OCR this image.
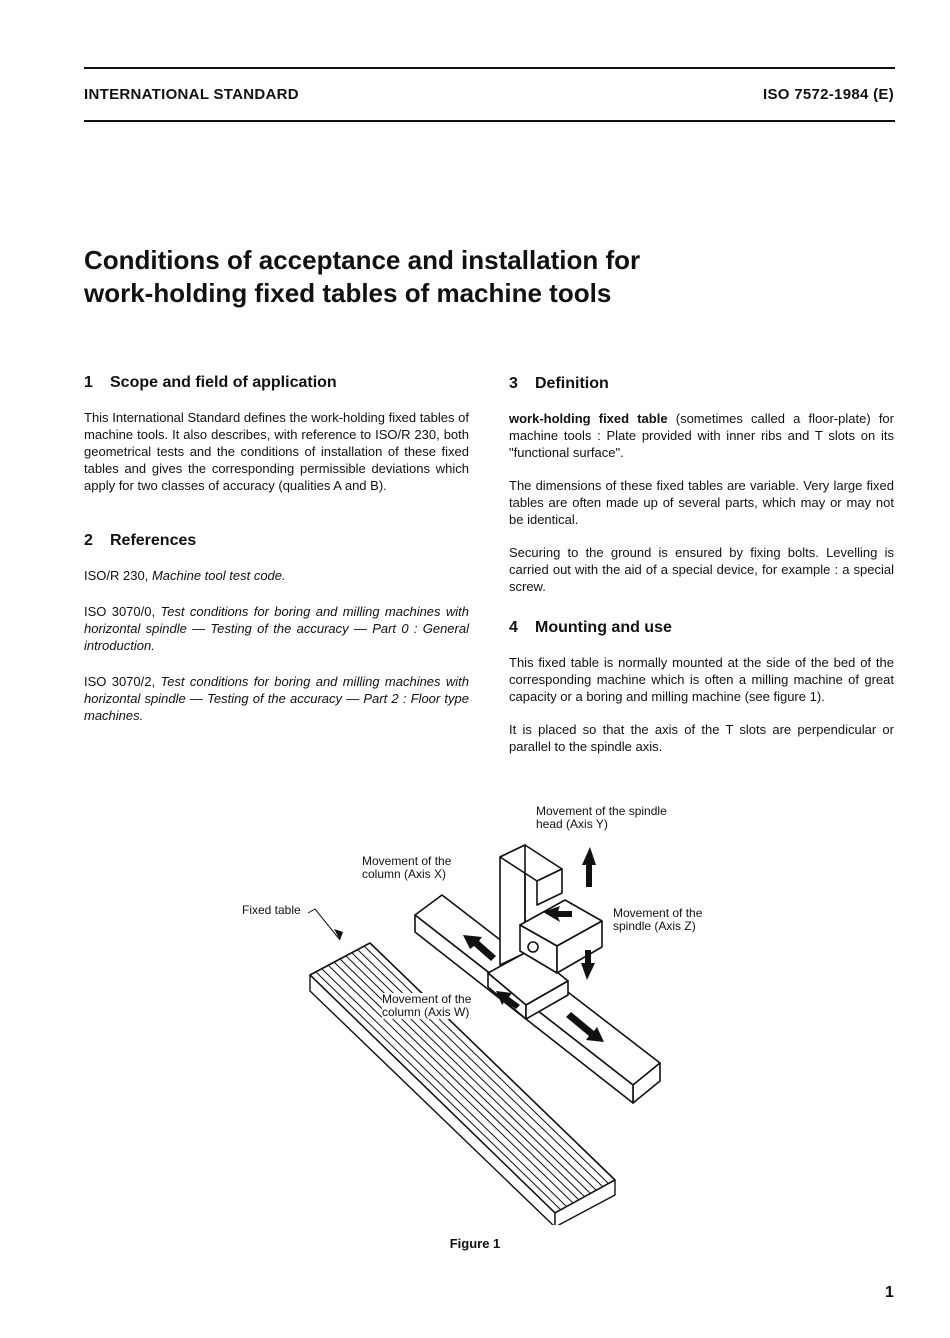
INTERNATIONAL STANDARD	ISO 7572-1984 (E)
Conditions of acceptance and installation for
work-holding fixed tables of machine tools
1 Scope and field of application

This International Standard defines the work-holding fixed tables of machine tools. It also describes, with reference to ISO/R 230, both geometrical tests and the conditions of installation of these fixed tables and gives the corresponding permissible deviations which apply for two classes of accuracy (qualities A and B).

2 References

ISO/R 230, Machine tool test code.

ISO 3070/0, Test conditions for boring and milling machines with horizontal spindle — Testing of the accuracy — Part 0 : General introduction.

ISO 3070/2, Test conditions for boring and milling machines with horizontal spindle — Testing of the accuracy — Part 2 : Floor type machines.

3 Definition

work-holding fixed table (sometimes called a floor-plate) for machine tools : Plate provided with inner ribs and T slots on its "functional surface".

The dimensions of these fixed tables are variable. Very large fixed tables are often made up of several parts, which may or may not be identical.

Securing to the ground is ensured by fixing bolts. Levelling is carried out with the aid of a special device, for example : a special screw.

4 Mounting and use

This fixed table is normally mounted at the side of the bed of the corresponding machine which is often a milling machine of great capacity or a boring and milling machine (see figure 1).

It is placed so that the axis of the T slots are perpendicular or parallel to the spindle axis.

Movement of the spindle
head (Axis Y)
Movement of the
column (Axis X)
Fixed table	Movement of the
spindle (Axis Z)
Movement of the
column (Axis W)
Figure 1
1
